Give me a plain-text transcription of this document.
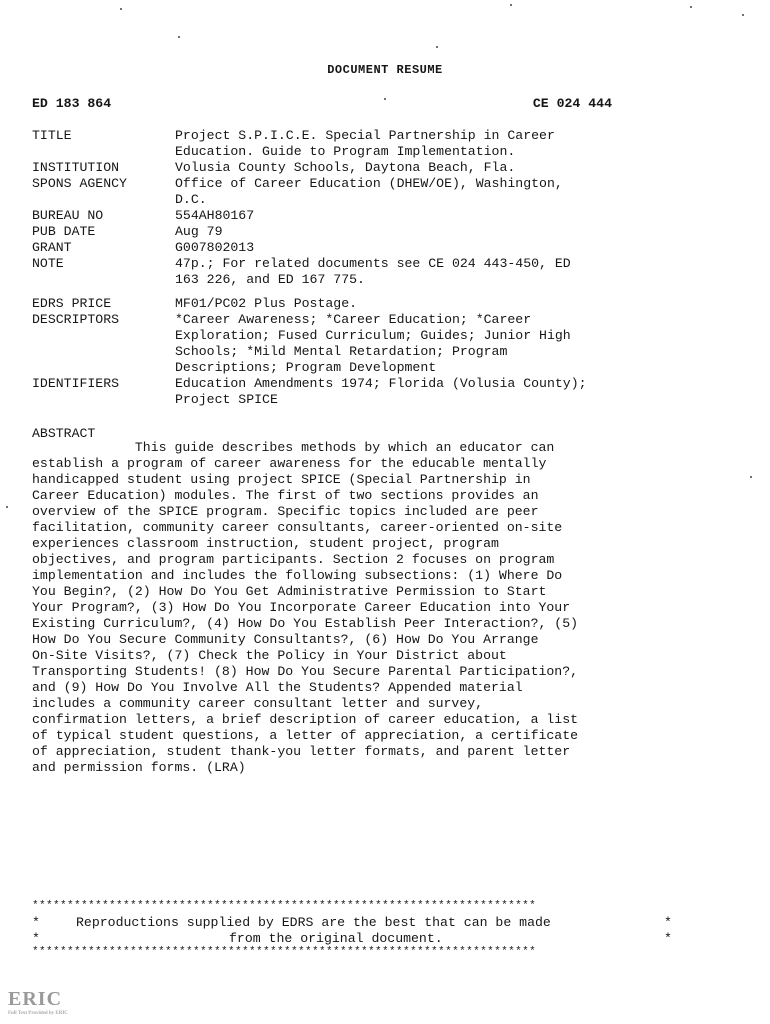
DOCUMENT RESUME
ED 183 864	CE 024 444
TITLE	Project S.P.I.C.E. Special Partnership in Career
Education. Guide to Program Implementation.
INSTITUTION	Volusia County Schools, Daytona Beach, Fla.
SPONS AGENCY	Office of Career Education (DHEW/OE), Washington,
D.C.
BUREAU NO	554AH80167
PUB DATE	Aug 79
GRANT	G007802013
NOTE	47p.; For related documents see CE 024 443-450, ED
163 226, and ED 167 775.
EDRS PRICE	MF01/PC02 Plus Postage.
DESCRIPTORS	*Career Awareness; *Career Education; *Career
Exploration; Fused Curriculum; Guides; Junior High
Schools; *Mild Mental Retardation; Program
Descriptions; Program Development
IDENTIFIERS	Education Amendments 1974; Florida (Volusia County);
Project SPICE
ABSTRACT
This guide describes methods by which an educator can
establish a program of career awareness for the educable mentally
handicapped student using project SPICE (Special Partnership in
Career Education) modules. The first of two sections provides an
overview of the SPICE program. Specific topics included are peer
facilitation, community career consultants, career-oriented on-site
experiences classroom instruction, student project, program
objectives, and program participants. Section 2 focuses on program
implementation and includes the following subsections: (1) Where Do
You Begin?, (2) How Do You Get Administrative Permission to Start
Your Program?, (3) How Do You Incorporate Career Education into Your
Existing Curriculum?, (4) How Do You Establish Peer Interaction?, (5)
How Do You Secure Community Consultants?, (6) How Do You Arrange
On-Site Visits?, (7) Check the Policy in Your District about
Transporting Students! (8) How Do You Secure Parental Participation?,
and (9) How Do You Involve All the Students? Appended material
includes a community career consultant letter and survey,
confirmation letters, a brief description of career education, a list
of typical student questions, a letter of appreciation, a certificate
of appreciation, student thank-you letter formats, and parent letter
and permission forms. (LRA)
************************************************************************
*	Reproductions supplied by EDRS are the best that can be made	*
*	from the original document.	*
************************************************************************
ERIC
Full Text Provided by ERIC
